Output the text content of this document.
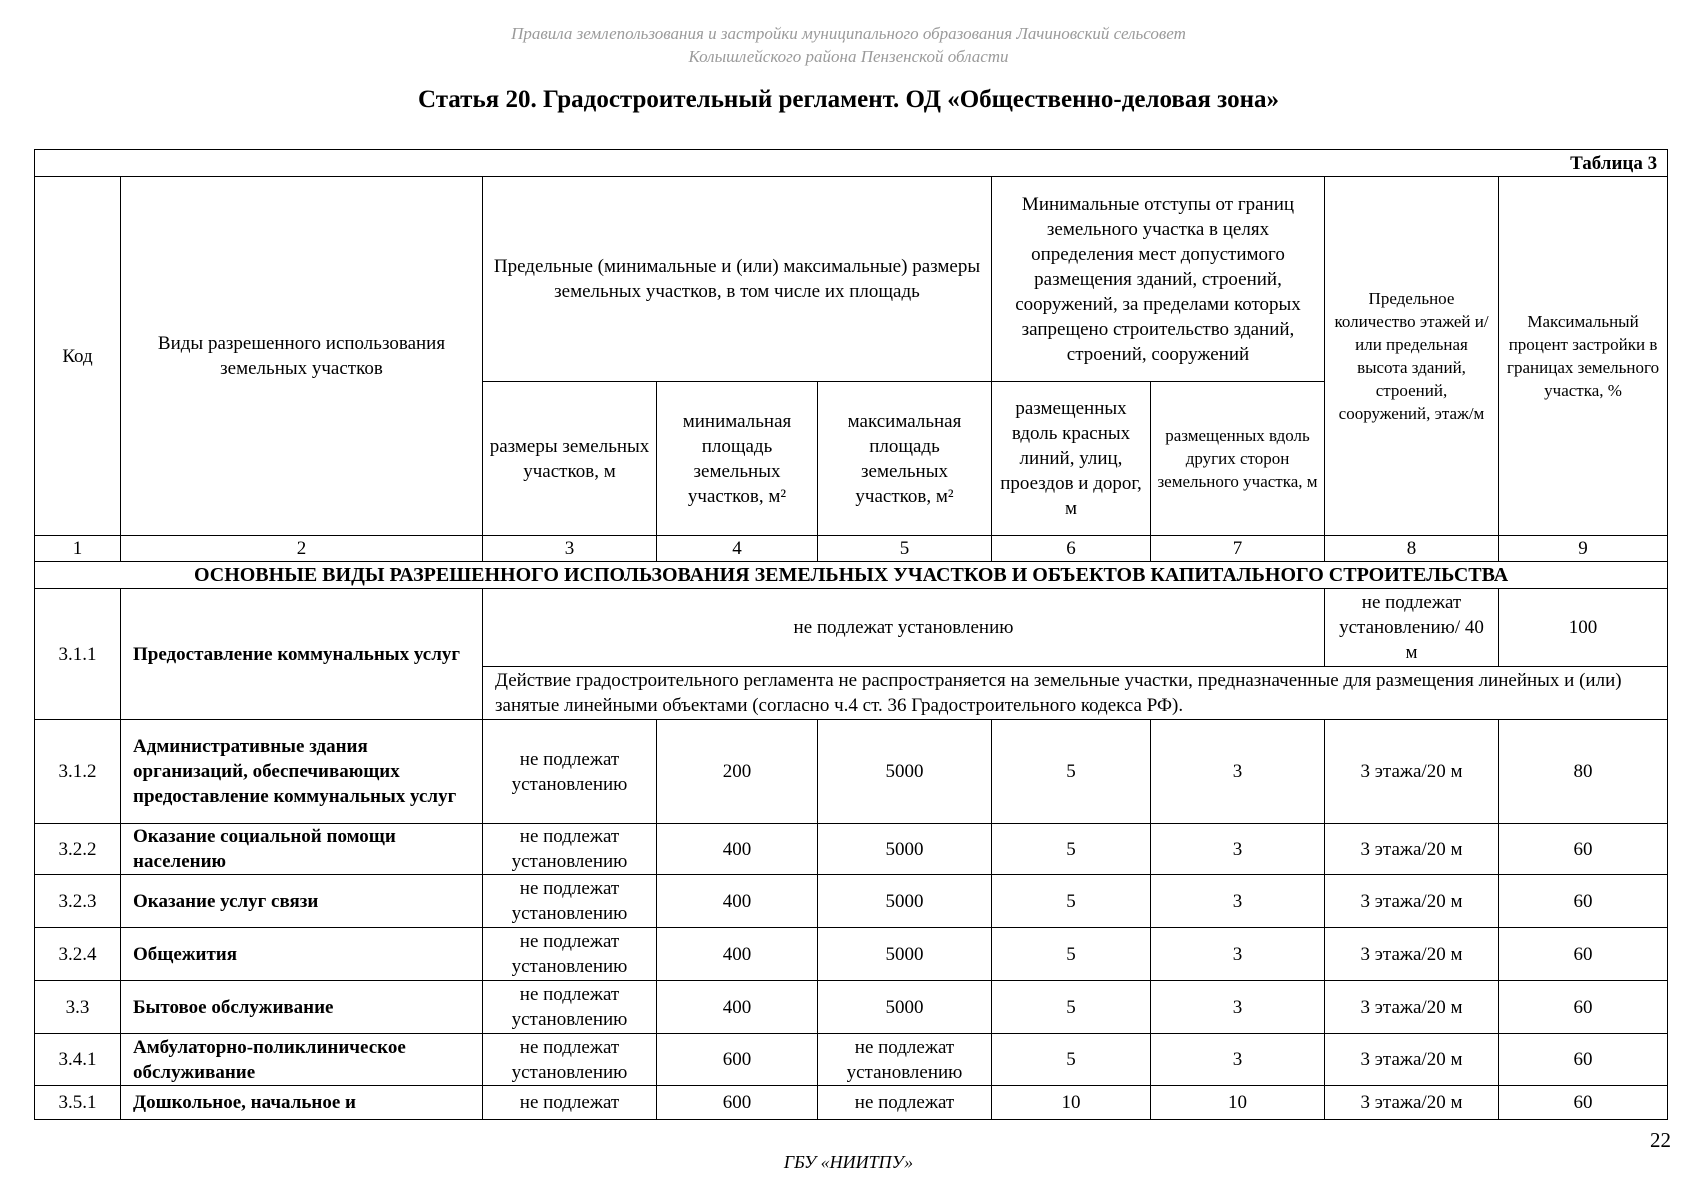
Правила землепользования и застройки муниципального образования Лачиновский сельсовет
Колышлейского района Пензенской области
Статья 20. Градостроительный регламент. ОД «Общественно-деловая зона»
Таблица 3								
Код	Виды разрешенного использования земельных участков	Предельные (минимальные и (или) максимальные) размеры земельных участков, в том числе их площадь			Минимальные отступы от границ земельного участка в целях определения мест допустимого размещения зданий, строений, сооружений, за пределами которых запрещено строительство зданий, строений, сооружений		Предельное количество этажей и/или предельная высота зданий, строений, сооружений, этаж/м	Максимальный процент застройки в границах земельного участка, %
		размеры земельных участков, м	минимальная площадь земельных участков, м²	максимальная площадь земельных участков, м²	размещенных вдоль красных линий, улиц, проездов и дорог, м	размещенных вдоль других сторон земельного участка, м		
1	2	3	4	5	6	7	8	9
ОСНОВНЫЕ ВИДЫ РАЗРЕШЕННОГО ИСПОЛЬЗОВАНИЯ ЗЕМЕЛЬНЫХ УЧАСТКОВ И ОБЪЕКТОВ КАПИТАЛЬНОГО СТРОИТЕЛЬСТВА								
3.1.1	Предоставление коммунальных услуг	не подлежат установлению					не подлежат установлению/ 40 м	100
		Действие градостроительного регламента не распространяется на земельные участки, предназначенные для размещения линейных и (или) занятые линейными объектами (согласно ч.4 ст. 36 Градостроительного кодекса РФ).						
3.1.2	Административные здания организаций, обеспечивающих предоставление коммунальных услуг	не подлежат установлению	200	5000	5	3	3 этажа/20 м	80
3.2.2	Оказание социальной помощи населению	не подлежат установлению	400	5000	5	3	3 этажа/20 м	60
3.2.3	Оказание услуг связи	не подлежат установлению	400	5000	5	3	3 этажа/20 м	60
3.2.4	Общежития	не подлежат установлению	400	5000	5	3	3 этажа/20 м	60
3.3	Бытовое обслуживание	не подлежат установлению	400	5000	5	3	3 этажа/20 м	60
3.4.1	Амбулаторно-поликлиническое обслуживание	не подлежат установлению	600	не подлежат установлению	5	3	3 этажа/20 м	60
3.5.1	Дошкольное, начальное и	не подлежат	600	не подлежат	10	10	3 этажа/20 м	60
22
ГБУ «НИИТПУ»
